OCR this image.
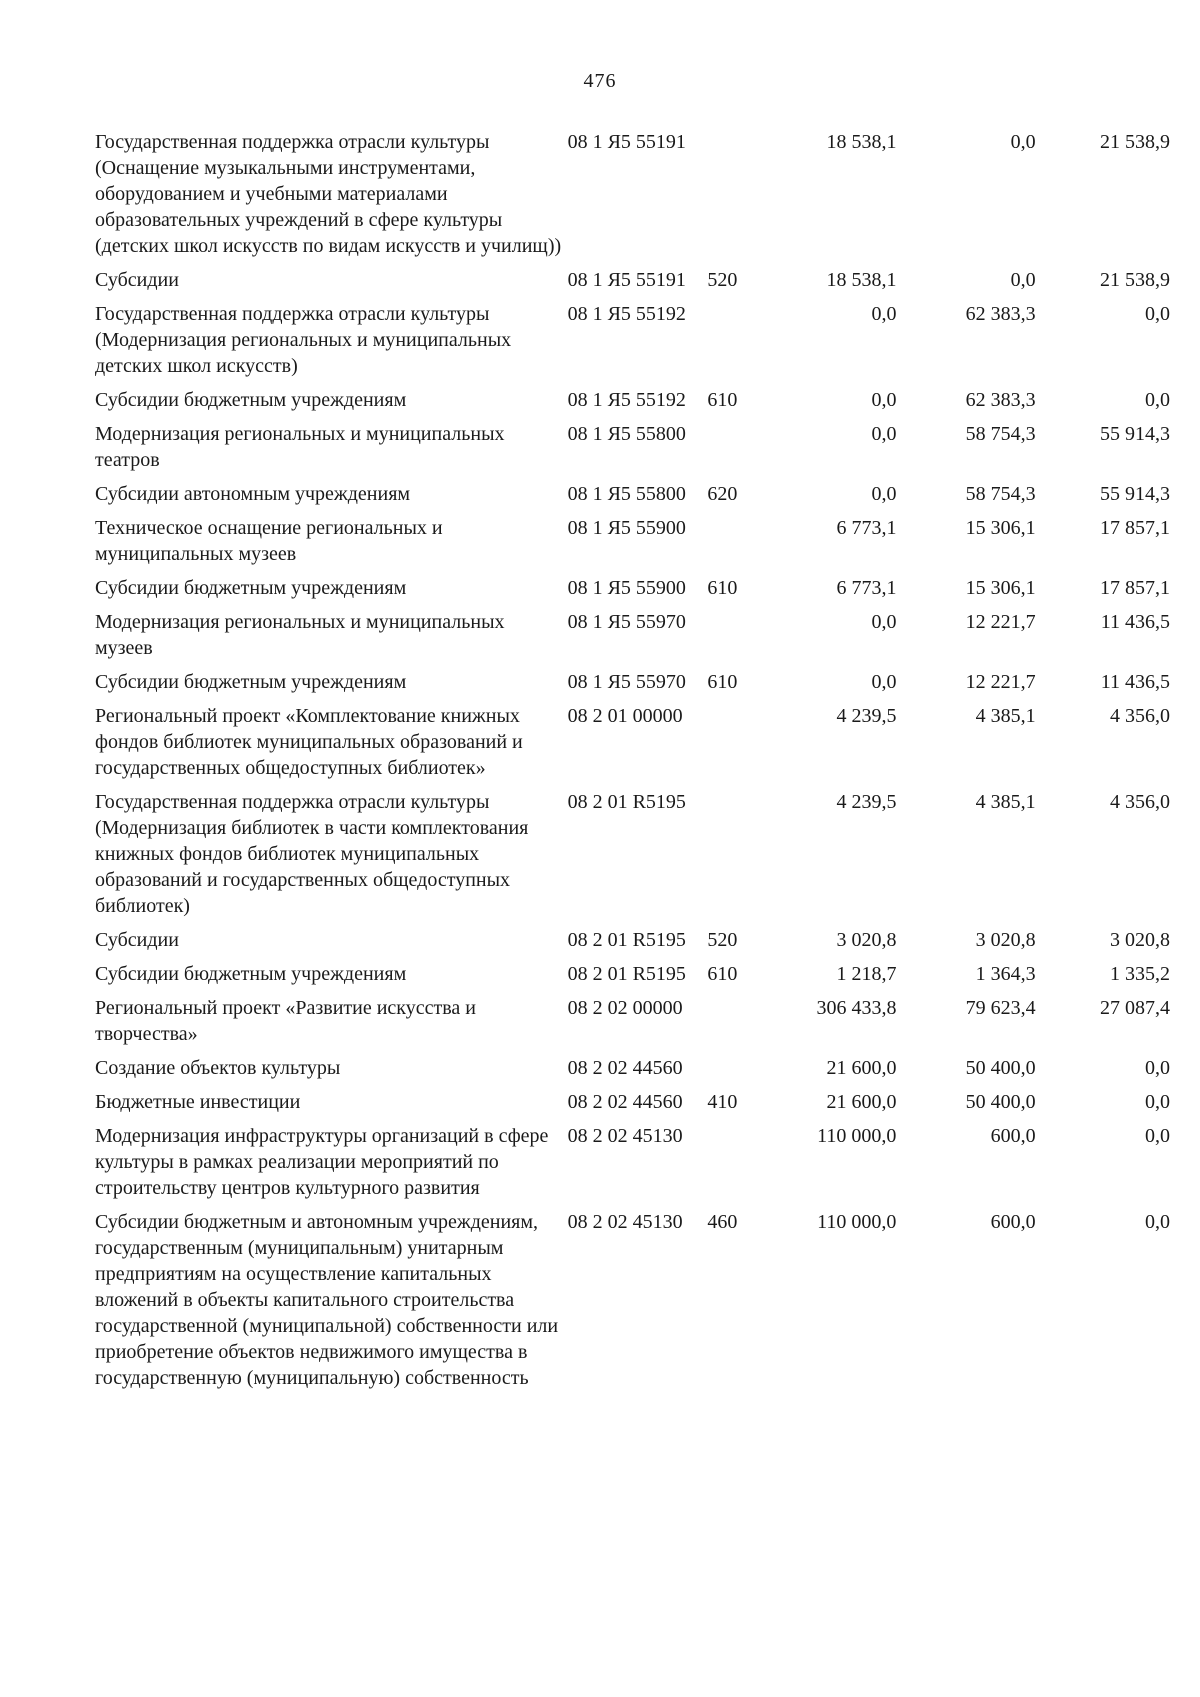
476
Государственная поддержка отрасли культуры (Оснащение музыкальными инструментами, оборудованием и учебными материалами образовательных учреждений в сфере культуры (детских школ искусств по видам искусств и училищ))	08 1 Я5 55191		18 538,1	0,0	21 538,9
Субсидии	08 1 Я5 55191	520	18 538,1	0,0	21 538,9
Государственная поддержка отрасли культуры (Модернизация региональных и муниципальных детских школ искусств)	08 1 Я5 55192		0,0	62 383,3	0,0
Субсидии бюджетным учреждениям	08 1 Я5 55192	610	0,0	62 383,3	0,0
Модернизация региональных и муниципальных театров	08 1 Я5 55800		0,0	58 754,3	55 914,3
Субсидии автономным учреждениям	08 1 Я5 55800	620	0,0	58 754,3	55 914,3
Техническое оснащение региональных и муниципальных музеев	08 1 Я5 55900		6 773,1	15 306,1	17 857,1
Субсидии бюджетным учреждениям	08 1 Я5 55900	610	6 773,1	15 306,1	17 857,1
Модернизация региональных и муниципальных музеев	08 1 Я5 55970		0,0	12 221,7	11 436,5
Субсидии бюджетным учреждениям	08 1 Я5 55970	610	0,0	12 221,7	11 436,5
Региональный проект «Комплектование книжных фондов библиотек муниципальных образований и государственных общедоступных библиотек»	08 2 01 00000		4 239,5	4 385,1	4 356,0
Государственная поддержка отрасли культуры (Модернизация библиотек в части комплектования книжных фондов библиотек муниципальных образований и государственных общедоступных библиотек)	08 2 01 R5195		4 239,5	4 385,1	4 356,0
Субсидии	08 2 01 R5195	520	3 020,8	3 020,8	3 020,8
Субсидии бюджетным учреждениям	08 2 01 R5195	610	1 218,7	1 364,3	1 335,2
Региональный проект «Развитие искусства и творчества»	08 2 02 00000		306 433,8	79 623,4	27 087,4
Создание объектов культуры	08 2 02 44560		21 600,0	50 400,0	0,0
Бюджетные инвестиции	08 2 02 44560	410	21 600,0	50 400,0	0,0
Модернизация инфраструктуры организаций в сфере культуры в рамках реализации мероприятий по строительству центров культурного развития	08 2 02 45130		110 000,0	600,0	0,0
Субсидии бюджетным и автономным учреждениям, государственным (муниципальным) унитарным предприятиям на осуществление капитальных вложений в объекты капитального строительства государственной (муниципальной) собственности или приобретение объектов недвижимого имущества в государственную (муниципальную) собственность	08 2 02 45130	460	110 000,0	600,0	0,0
